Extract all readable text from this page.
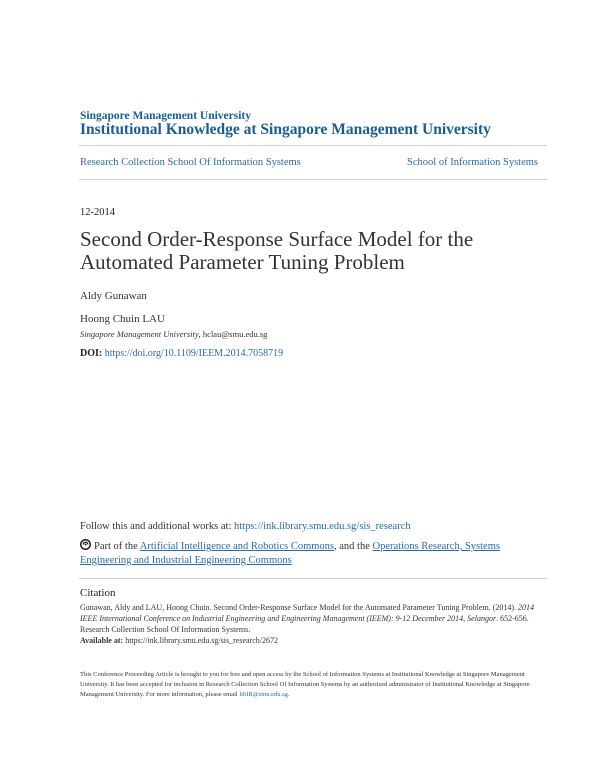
Singapore Management University
Institutional Knowledge at Singapore Management University
Research Collection School Of Information Systems	School of Information Systems
12-2014
Second Order-Response Surface Model for the Automated Parameter Tuning Problem
Aldy Gunawan
Hoong Chuin LAU
Singapore Management University, hclau@smu.edu.sg
DOI: https://doi.org/10.1109/IEEM.2014.7058719
Follow this and additional works at: https://ink.library.smu.edu.sg/sis_research
Part of the Artificial Intelligence and Robotics Commons, and the Operations Research, Systems Engineering and Industrial Engineering Commons
Citation
Gunawan, Aldy and LAU, Hoong Chuin. Second Order-Response Surface Model for the Automated Parameter Tuning Problem. (2014). 2014 IEEE International Conference on Industrial Engineering and Engineering Management (IEEM): 9-12 December 2014, Selangor. 652-656. Research Collection School Of Information Systems.
Available at: https://ink.library.smu.edu.sg/sis_research/2672
This Conference Proceeding Article is brought to you for free and open access by the School of Information Systems at Institutional Knowledge at Singapore Management University. It has been accepted for inclusion in Research Collection School Of Information Systems by an authorized administrator of Institutional Knowledge at Singapore Management University. For more information, please email libIR@smu.edu.sg.
